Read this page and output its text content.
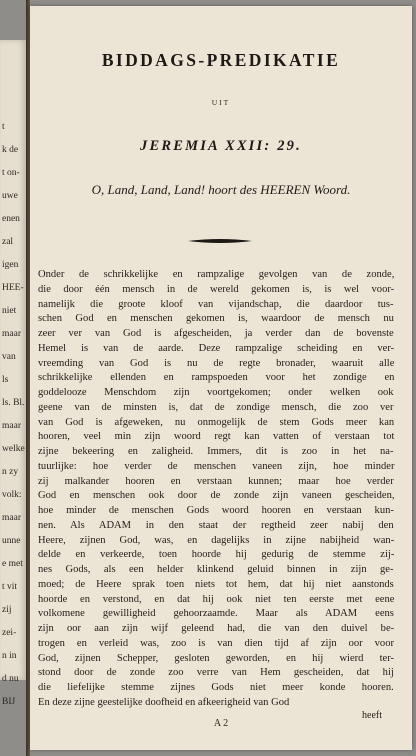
t
k de
t on-
uwe
enen
zal
igen
HEE-
niet
maar
van
ls
ls. Bl.
maar
welke
n zy
volk:
maar
unne
e met
t vit
zij
zei-
n in
d nu
BIJ
BIDDAGS-PREDIKATIE
UIT
JEREMIA XXII: 29.
O, Land, Land, Land! hoort des HEEREN Woord.
Onder de schrikkelijke en rampzalige gevolgen van de zonde,
die door één mensch in de wereld gekomen is, is wel voor-
namelijk die groote kloof van vijandschap, die daardoor tus-
schen God en menschen gekomen is, waardoor de mensch nu
zeer ver van God is afgescheiden, ja verder dan de bovenste
Hemel is van de aarde. Deze rampzalige scheiding en ver-
vreemding van God is nu de regte bronader, waaruit alle
schrikkelijke ellenden en rampspoeden voor het zondige en
goddelooze Menschdom zijn voortgekomen; onder welken ook
geene van de minsten is, dat de zondige mensch, die zoo ver
van God is afgeweken, nu onmogelijk de stem Gods meer kan
hooren, veel min zijn woord regt kan vatten of verstaan tot
zijne bekeering en zaligheid. Immers, dit is zoo in het na-
tuurlijke: hoe verder de menschen vaneen zijn, hoe minder
zij malkander hooren en verstaan kunnen; maar hoe verder
God en menschen ook door de zonde zijn vaneen gescheiden,
hoe minder de menschen Gods woord hooren en verstaan kun-
nen. Als ADAM in den staat der regtheid zeer nabij den
Heere, zijnen God, was, en dagelijks in zijne nabijheid wan-
delde en verkeerde, toen hoorde hij gedurig de stemme zij-
nes Gods, als een helder klinkend geluid binnen in zijn ge-
moed; de Heere sprak toen niets tot hem, dat hij niet aanstonds
hoorde en verstond, en dat hij ook niet ten eerste met eene
volkomene gewilligheid gehoorzaamde. Maar als ADAM eens
zijn oor aan zijn wijf geleend had, die van den duivel be-
trogen en verleid was, zoo is van dien tijd af zijn oor voor
God, zijnen Schepper, gesloten geworden, en hij wierd ter-
stond door de zonde zoo verre van Hem gescheiden, dat hij
die liefelijke stemme zijnes Gods niet meer konde hooren.
En deze zijne geestelijke doofheid en afkeerigheid van God
heeft
A 2
